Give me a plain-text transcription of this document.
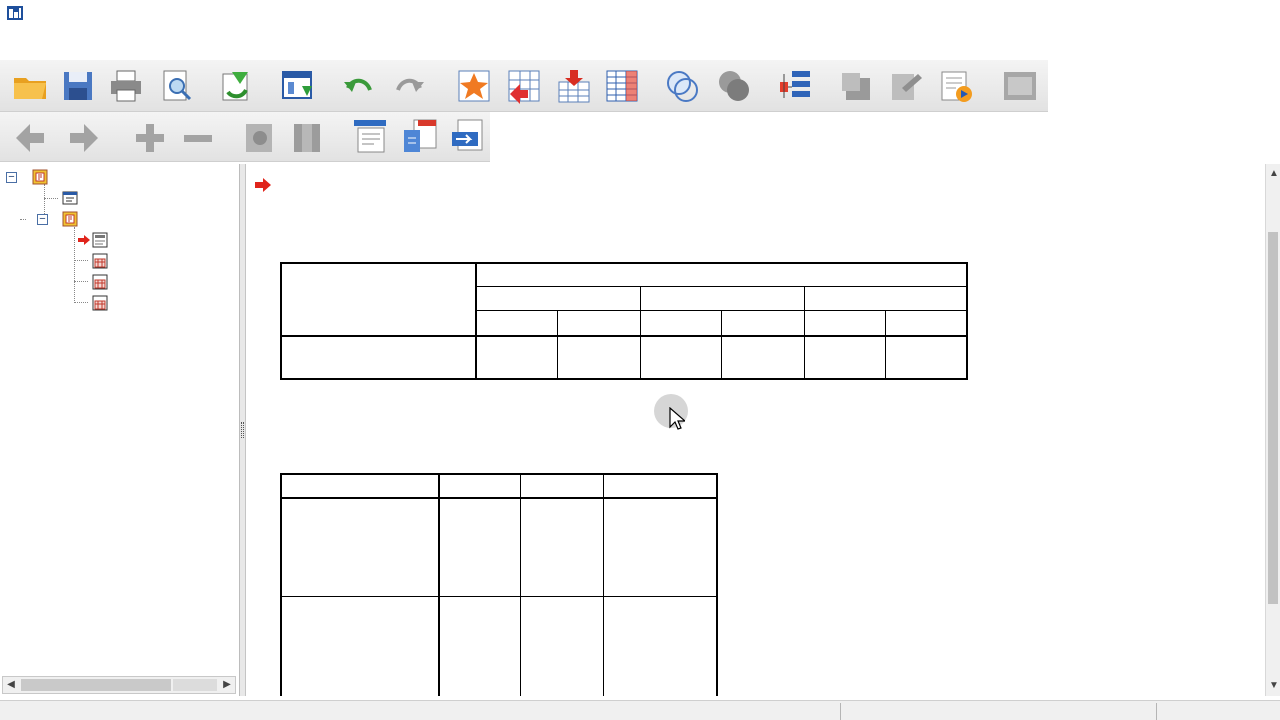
−
−
◀	▶
▲
▼
